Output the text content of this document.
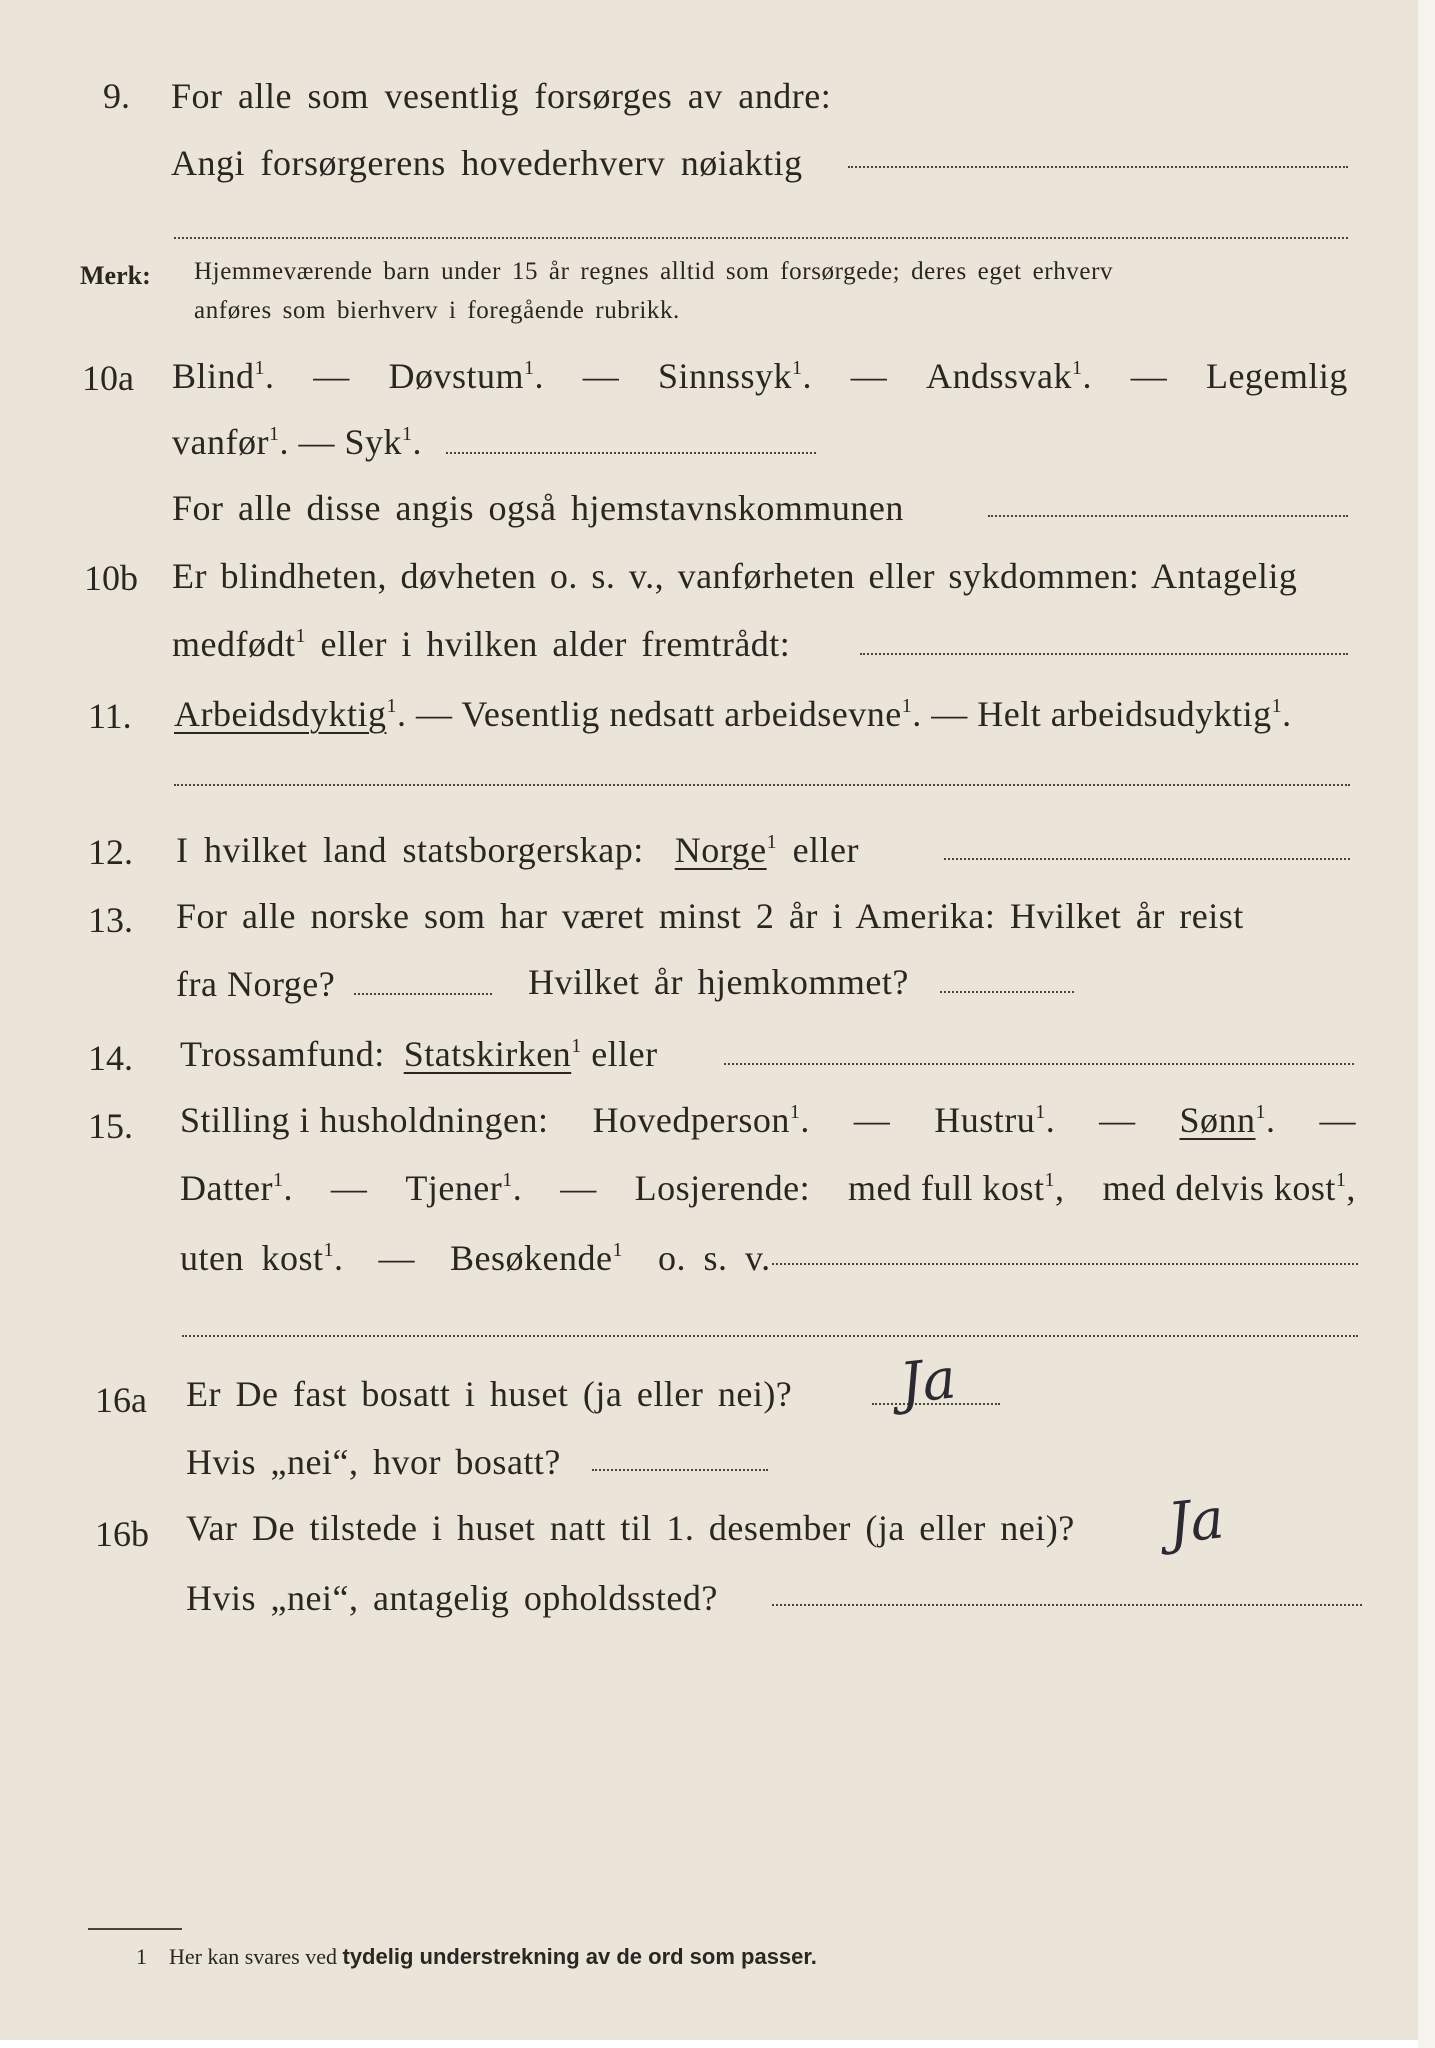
9. For alle som vesentlig forsørges av andre:
Angi forsørgerens hovederhverv nøiaktig
Merk: Hjemmeværende barn under 15 år regnes alltid som forsørgede; deres eget erhverv
anføres som bierhverv i foregående rubrikk.
10a Blind$^1$. — Døvstum$^1$. — Sinnssyk$^1$. — Andssvak$^1$. — Legemlig
vanfør$^1$. — Syk$^1$.
For alle disse angis også hjemstavnskommunen
10b Er blindheten, døvheten o. s. v., vanførheten eller sykdommen: Antagelig
medfødt$^1$ eller i hvilken alder fremtrådt:
11. Arbeidsdyktig$^1$. — Vesentlig nedsatt arbeidsevne$^1$. — Helt arbeidsudyktig$^1$.
12. I hvilket land statsborgerskap: Norge$^1$ eller
13. For alle norske som har været minst 2 år i Amerika: Hvilket år reist
fra Norge?	Hvilket år hjemkommet?
14. Trossamfund: Statskirken$^1$ eller
15. Stilling i husholdningen: Hovedperson$^1$. — Hustru$^1$. — Sønn$^1$. —
Datter$^1$. — Tjener$^1$. — Losjerende: med full kost$^1$, med delvis kost$^1$,
uten kost$^1$.  —  Besøkende$^1$ o. s. v.
16a Er De fast bosatt i huset (ja eller nei)? Ja
Hvis „nei“, hvor bosatt?
16b Var De tilstede i huset natt til 1. desember (ja eller nei)? Ja
Hvis „nei“, antagelig opholdssted?
1 Her kan svares ved tydelig understrekning av de ord som passer.
